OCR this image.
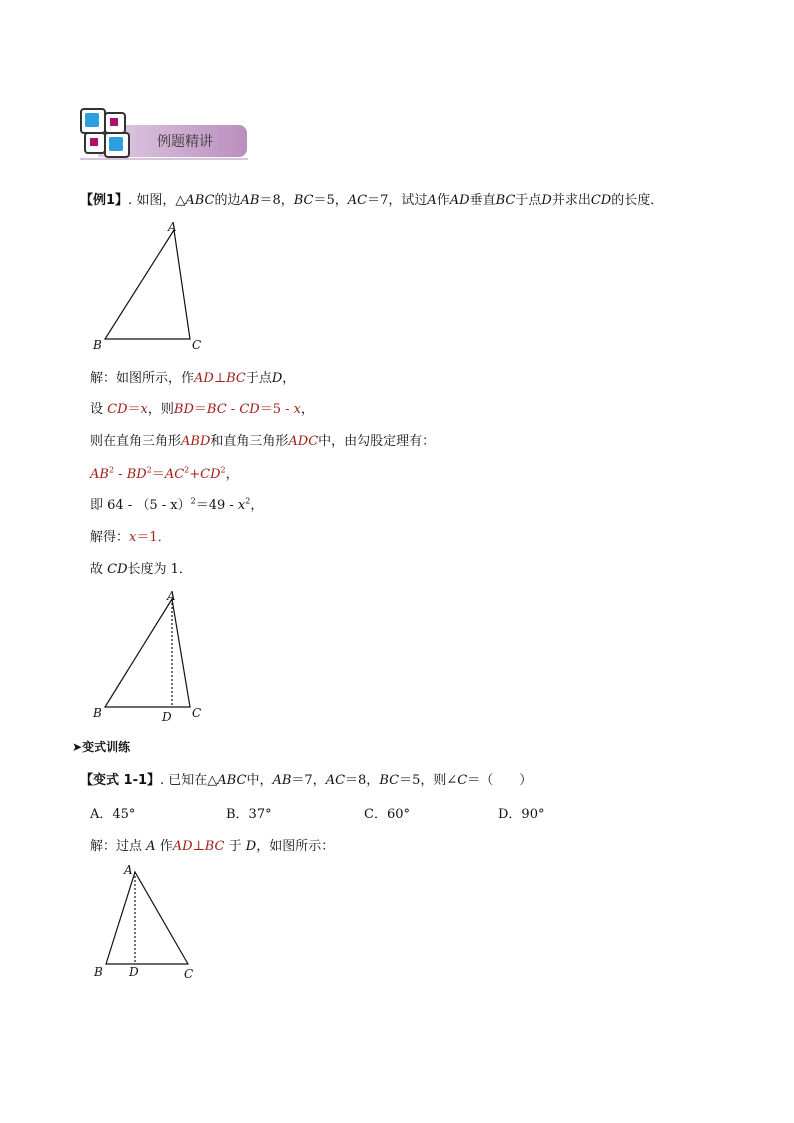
例题精讲
【例1】. 如图，△ABC的边AB＝8，BC＝5，AC＝7，试过A作AD垂直BC于点D并求出CD的长度．
A
B	C
解：如图所示，作AD⊥BC于点D，
设 CD＝x，则BD＝BC - CD＝5 - x，
则在直角三角形ABD和直角三角形ADC中，由勾股定理有：
$AB^2 - BD^2=AC^2+CD^2$，
即 $64 - (5 - x)^2=49 - x^2$，
解得：x＝1．
故 CD长度为 1．
A
B	C
D
➤变式训练
【变式 1-1】. 已知在△ABC中，AB＝7，AC＝8，BC＝5，则∠C＝（　　）
A．45°	B．37°	C．60°	D．90°
解：过点 A 作AD⊥BC 于 D，如图所示：
A
B	C
D
